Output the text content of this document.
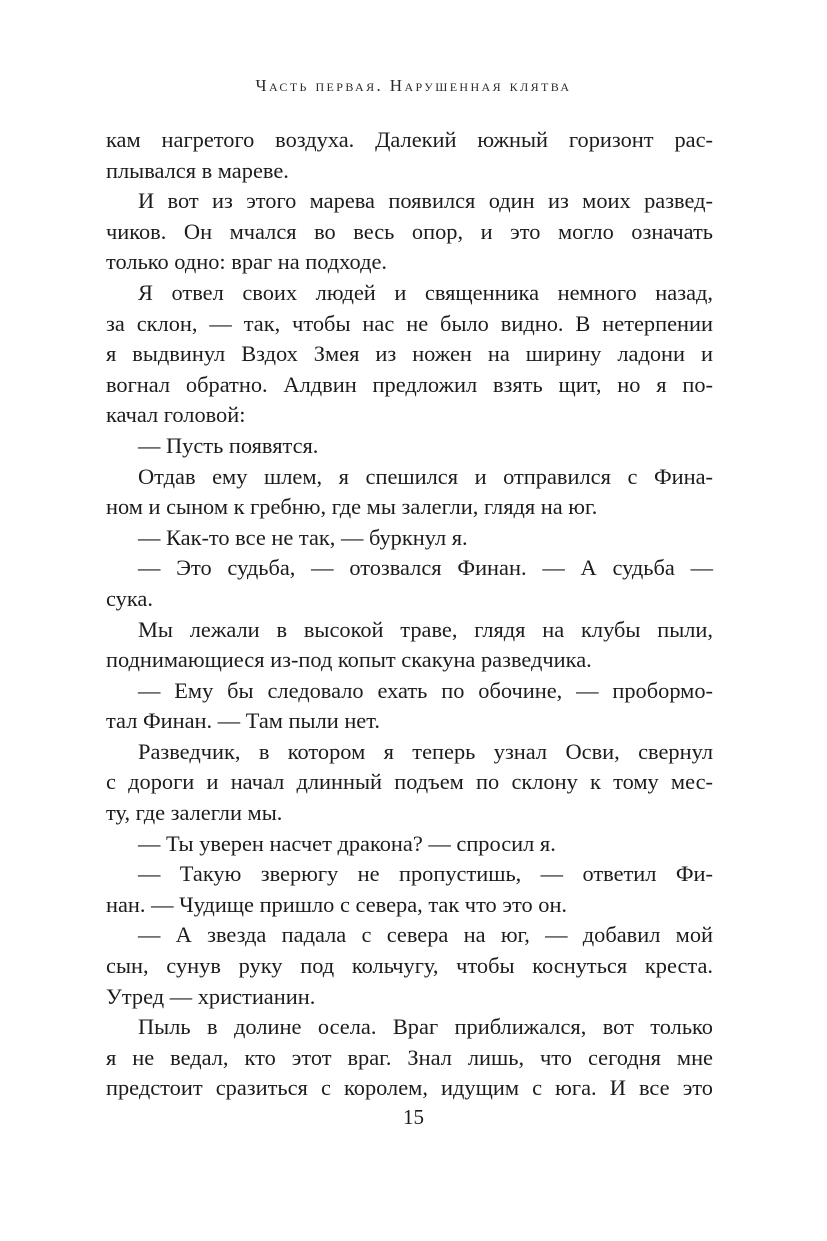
Часть первая. Нарушенная клятва
кам нагретого воздуха. Далекий южный горизонт рас-
плывался в мареве.
И вот из этого марева появился один из моих развед-
чиков. Он мчался во весь опор, и это могло означать
только одно: враг на подходе.
Я отвел своих людей и священника немного назад,
за склон, — так, чтобы нас не было видно. В нетерпении
я выдвинул Вздох Змея из ножен на ширину ладони и
вогнал обратно. Алдвин предложил взять щит, но я по-
качал головой:
— Пусть появятся.
Отдав ему шлем, я спешился и отправился с Фина-
ном и сыном к гребню, где мы залегли, глядя на юг.
— Как-то все не так, — буркнул я.
— Это судьба, — отозвался Финан. — А судьба —
сука.
Мы лежали в высокой траве, глядя на клубы пыли,
поднимающиеся из-под копыт скакуна разведчика.
— Ему бы следовало ехать по обочине, — пробормо-
тал Финан. — Там пыли нет.
Разведчик, в котором я теперь узнал Осви, свернул
с дороги и начал длинный подъем по склону к тому мес-
ту, где залегли мы.
— Ты уверен насчет дракона? — спросил я.
— Такую зверюгу не пропустишь, — ответил Фи-
нан. — Чудище пришло с севера, так что это он.
— А звезда падала с севера на юг, — добавил мой
сын, сунув руку под кольчугу, чтобы коснуться креста.
Утред — христианин.
Пыль в долине осела. Враг приближался, вот только
я не ведал, кто этот враг. Знал лишь, что сегодня мне
предстоит сразиться с королем, идущим с юга. И все это
15
